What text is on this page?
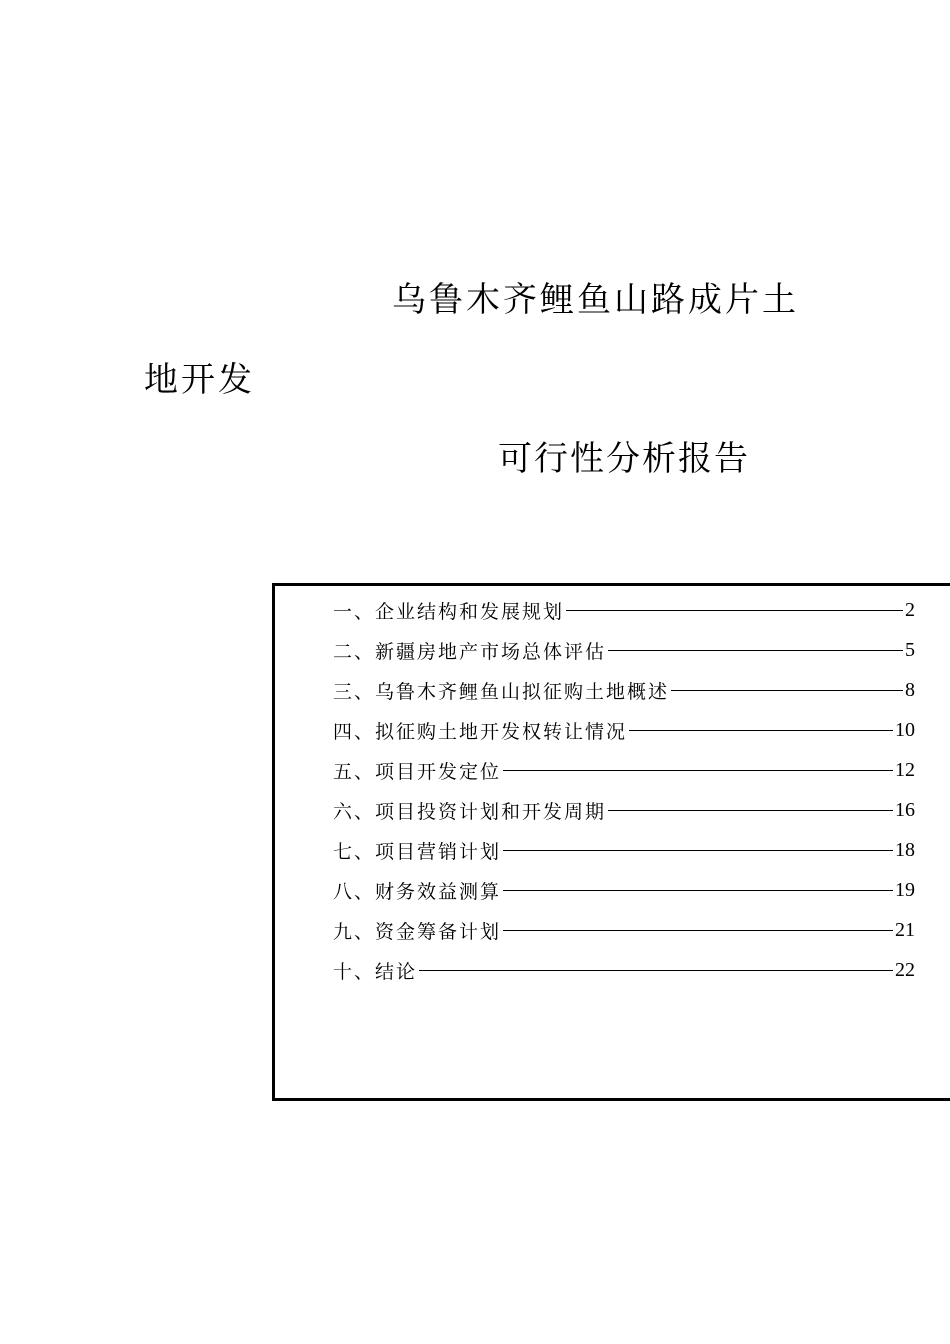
乌鲁木齐鲤鱼山路成片土
地开发
可行性分析报告
一、企业结构和发展规划	2
二、新疆房地产市场总体评估	5
三、乌鲁木齐鲤鱼山拟征购土地概述	8
四、拟征购土地开发权转让情况	10
五、项目开发定位	12
六、项目投资计划和开发周期	16
七、项目营销计划	18
八、财务效益测算	19
九、资金筹备计划	21
十、结论	22
